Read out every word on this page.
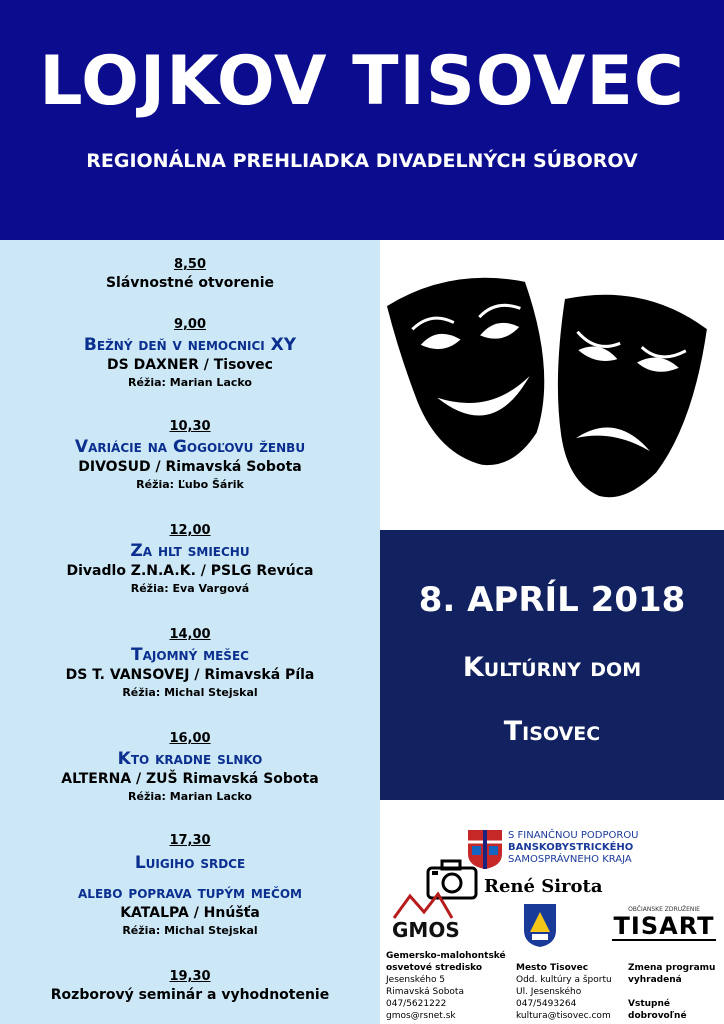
LOJKOV TISOVEC
REGIONÁLNA PREHLIADKA DIVADELNÝCH SÚBOROV
8,50
Slávnostné otvorenie
9,00
Bežný deň v nemocnici XY
DS DAXNER / Tisovec
Réžia: Marian Lacko
10,30
Variácie na Gogoľovu ženbu
DIVOSUD / Rimavská Sobota
Réžia: Ľubo Šárik
12,00
Za hlt smiechu
Divadlo Z.N.A.K. / PSLG Revúca
Réžia: Eva Vargová
14,00
Tajomný mešec
DS T. VANSOVEJ / Rimavská Píla
Réžia: Michal Stejskal
16,00
Kto kradne slnko
ALTERNA / ZUŠ Rimavská Sobota
Réžia: Marian Lacko
17,30
Luigiho srdce
alebo poprava tupým mečom
KATALPA / Hnúšťa
Réžia: Michal Stejskal
19,30
Rozborový seminár a vyhodnotenie
8. APRÍL 2018
Kultúrny dom
Tisovec
S FINANČNOU PODPOROU
BANSKOBYSTRICKÉHO
SAMOSPRÁVNEHO KRAJA
René Sirota
GMOS
OBČIANSKE ZDRUŽENIE
TISART
Gemersko-malohontské
osvetové stredisko
Jesenského 5
Rimavská Sobota
047/5621222
gmos@rsnet.sk
Mesto Tisovec
Odd. kultúry a športu
Ul. Jesenského
047/5493264
kultura@tisovec.com
Zmena programu
vyhradená
Vstupné dobrovoľné
